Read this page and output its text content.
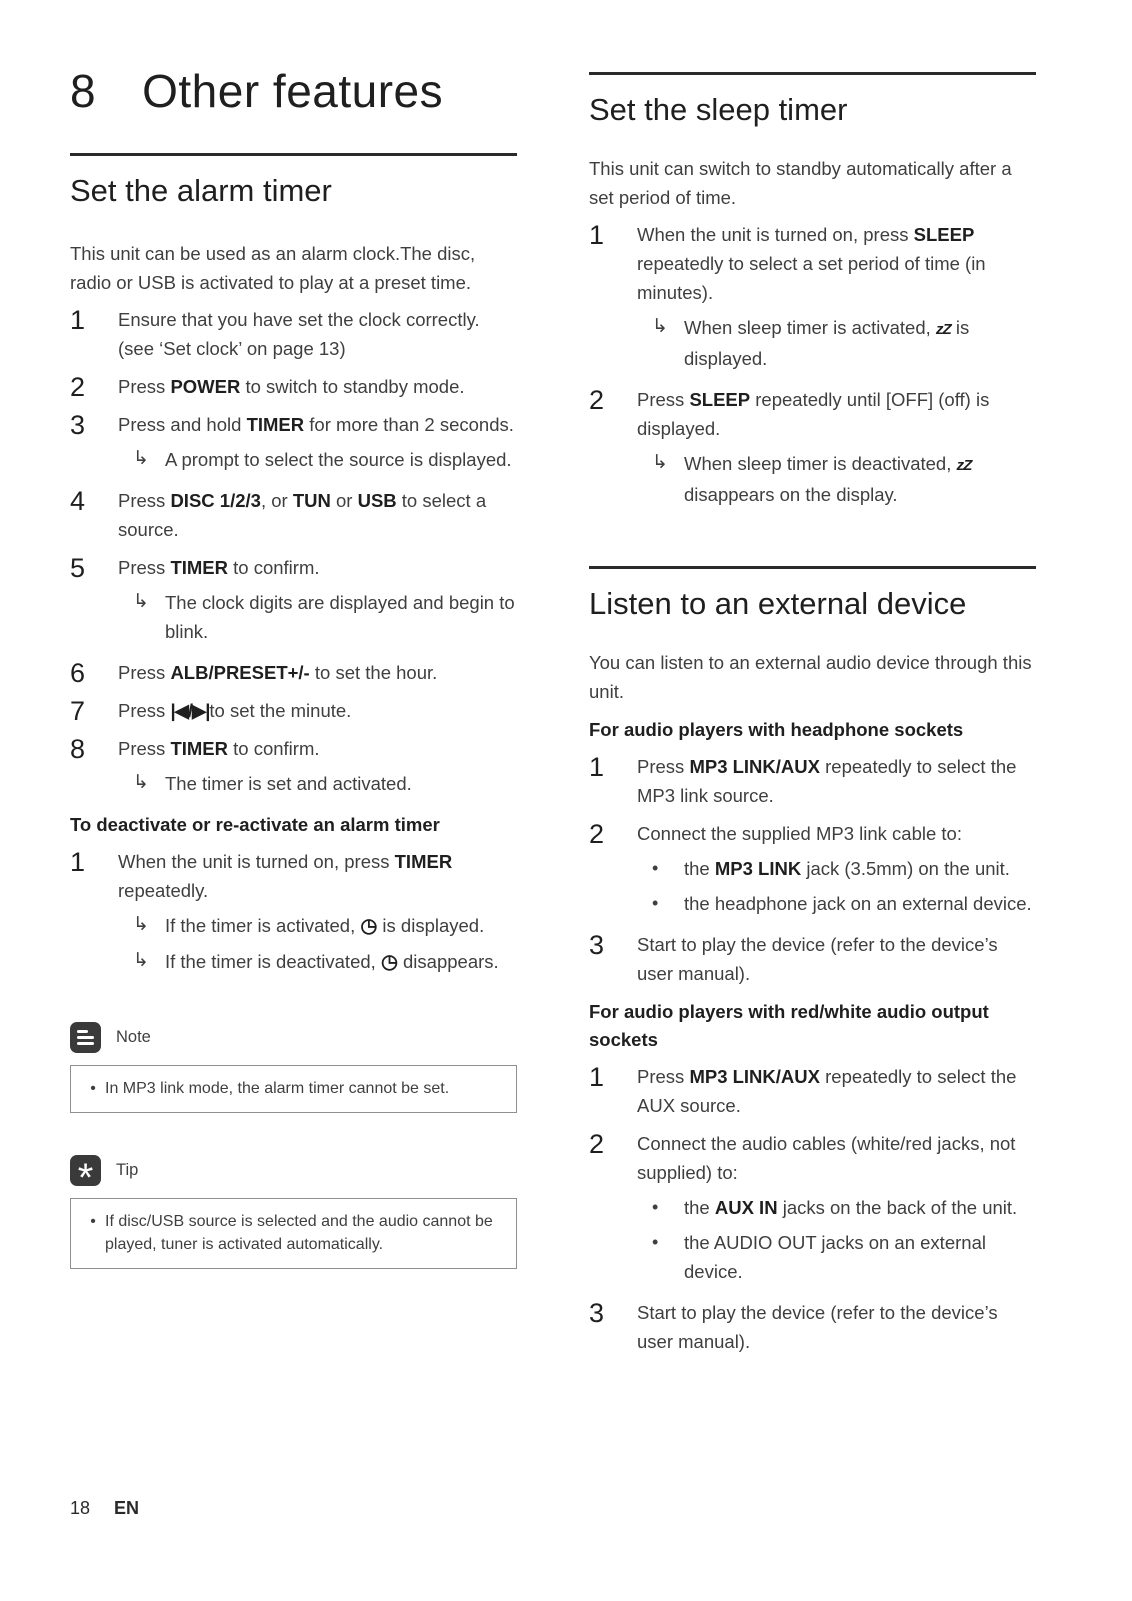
8 Other features
Set the alarm timer

This unit can be used as an alarm clock.The disc, radio or USB is activated to play at a preset time.

1	Ensure that you have set the clock correctly. (see ‘Set clock’ on page 13)
2	Press POWER to switch to standby mode.
3	Press and hold TIMER for more than 2 seconds.
↳ A prompt to select the source is displayed.
4	Press DISC 1/2/3, or TUN or USB to select a source.
5	Press TIMER to confirm.
↳ The clock digits are displayed and begin to blink.
6	Press ALB/PRESET+/- to set the hour.
7	Press |◀/▶|to set the minute.
8	Press TIMER to confirm.
↳ The timer is set and activated.
To deactivate or re-activate an alarm timer
1	When the unit is turned on, press TIMER repeatedly.
↳ If the timer is activated, ◷ is displayed.
↳ If the timer is deactivated, ◷ disappears.
Note
• In MP3 link mode, the alarm timer cannot be set.
* Tip
• If disc/USB source is selected and the audio cannot be played, tuner is activated automatically.
Set the sleep timer

This unit can switch to standby automatically after a set period of time.

1	When the unit is turned on, press SLEEP repeatedly to select a set period of time (in minutes).
↳ When sleep timer is activated, zZ is displayed.
2	Press SLEEP repeatedly until [OFF] (off) is displayed.
↳ When sleep timer is deactivated, zZ disappears on the display.
Listen to an external device

You can listen to an external audio device through this unit.

For audio players with headphone sockets
1	Press MP3 LINK/AUX repeatedly to select the MP3 link source.
2	Connect the supplied MP3 link cable to:
•	the MP3 LINK jack (3.5mm) on the unit.
•	the headphone jack on an external device.
3	Start to play the device (refer to the device’s user manual).
For audio players with red/white audio output sockets
1	Press MP3 LINK/AUX repeatedly to select the AUX source.
2	Connect the audio cables (white/red jacks, not supplied) to:
•	the AUX IN jacks on the back of the unit.
•	the AUDIO OUT jacks on an external device.
3	Start to play the device (refer to the device’s user manual).
18 EN
